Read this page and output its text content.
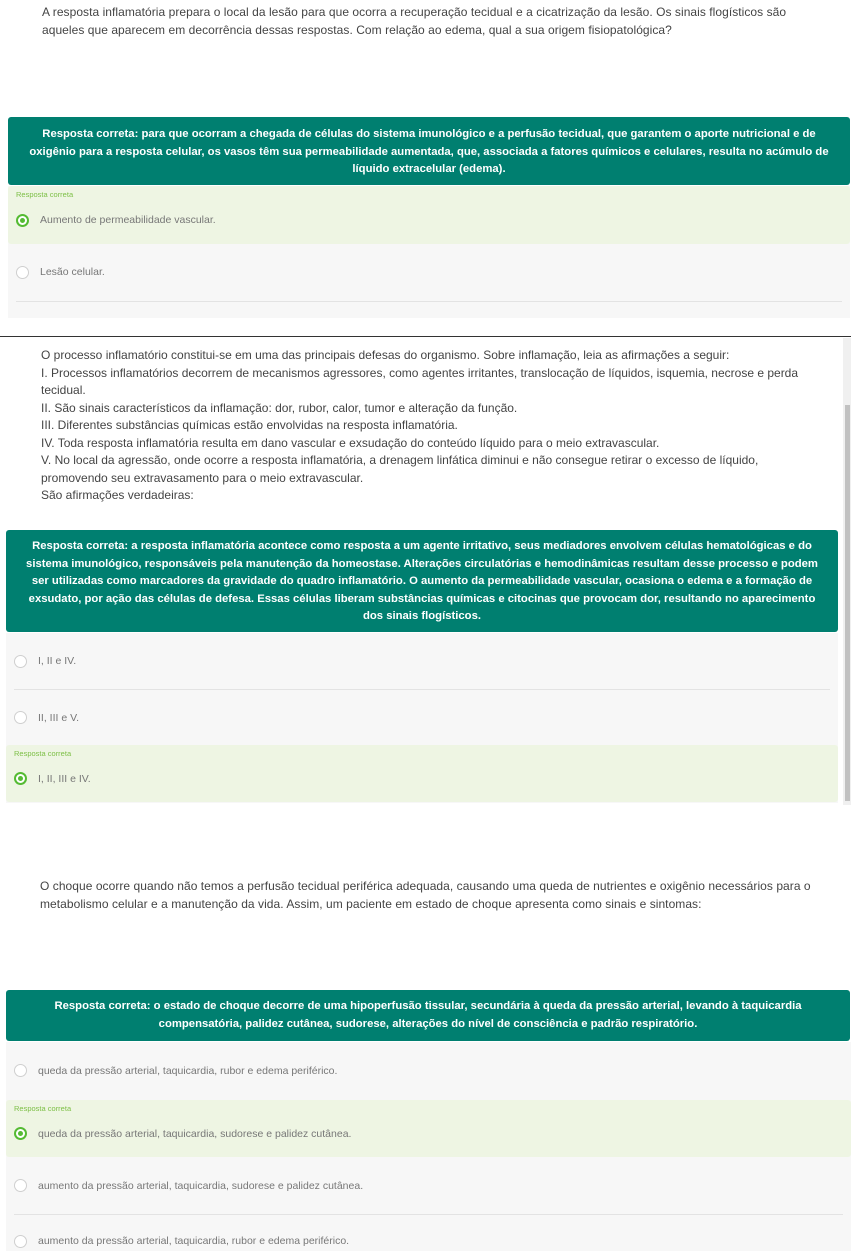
A resposta inflamatória prepara o local da lesão para que ocorra a recuperação tecidual e a cicatrização da lesão. Os sinais flogísticos são aqueles que aparecem em decorrência dessas respostas. Com relação ao edema, qual a sua origem fisiopatológica?
Resposta correta: para que ocorram a chegada de células do sistema imunológico e a perfusão tecidual, que garantem o aporte nutricional e de oxigênio para a resposta celular, os vasos têm sua permeabilidade aumentada, que, associada a fatores químicos e celulares, resulta no acúmulo de líquido extracelular (edema).
Resposta correta
Aumento de permeabilidade vascular.
Lesão celular.
O processo inflamatório constitui-se em uma das principais defesas do organismo. Sobre inflamação, leia as afirmações a seguir:
I. Processos inflamatórios decorrem de mecanismos agressores, como agentes irritantes, translocação de líquidos, isquemia, necrose e perda tecidual.
II. São sinais característicos da inflamação: dor, rubor, calor, tumor e alteração da função.
III. Diferentes substâncias químicas estão envolvidas na resposta inflamatória.
IV. Toda resposta inflamatória resulta em dano vascular e exsudação do conteúdo líquido para o meio extravascular.
V. No local da agressão, onde ocorre a resposta inflamatória, a drenagem linfática diminui e não consegue retirar o excesso de líquido, promovendo seu extravasamento para o meio extravascular.
São afirmações verdadeiras:
Resposta correta: a resposta inflamatória acontece como resposta a um agente irritativo, seus mediadores envolvem células hematológicas e do sistema imunológico, responsáveis pela manutenção da homeostase. Alterações circulatórias e hemodinâmicas resultam desse processo e podem ser utilizadas como marcadores da gravidade do quadro inflamatório. O aumento da permeabilidade vascular, ocasiona o edema e a formação de exsudato, por ação das células de defesa. Essas células liberam substâncias químicas e citocinas que provocam dor, resultando no aparecimento dos sinais flogísticos.
I, II e IV.
II, III e V.
Resposta correta
I, II, III e IV.
O choque ocorre quando não temos a perfusão tecidual periférica adequada, causando uma queda de nutrientes e oxigênio necessários para o metabolismo celular e a manutenção da vida. Assim, um paciente em estado de choque apresenta como sinais e sintomas:
Resposta correta: o estado de choque decorre de uma hipoperfusão tissular, secundária à queda da pressão arterial, levando à taquicardia compensatória, palidez cutânea, sudorese, alterações do nível de consciência e padrão respiratório.
queda da pressão arterial, taquicardia, rubor e edema periférico.
Resposta correta
queda da pressão arterial, taquicardia, sudorese e palidez cutânea.
aumento da pressão arterial, taquicardia, sudorese e palidez cutânea.
aumento da pressão arterial, taquicardia, rubor e edema periférico.
